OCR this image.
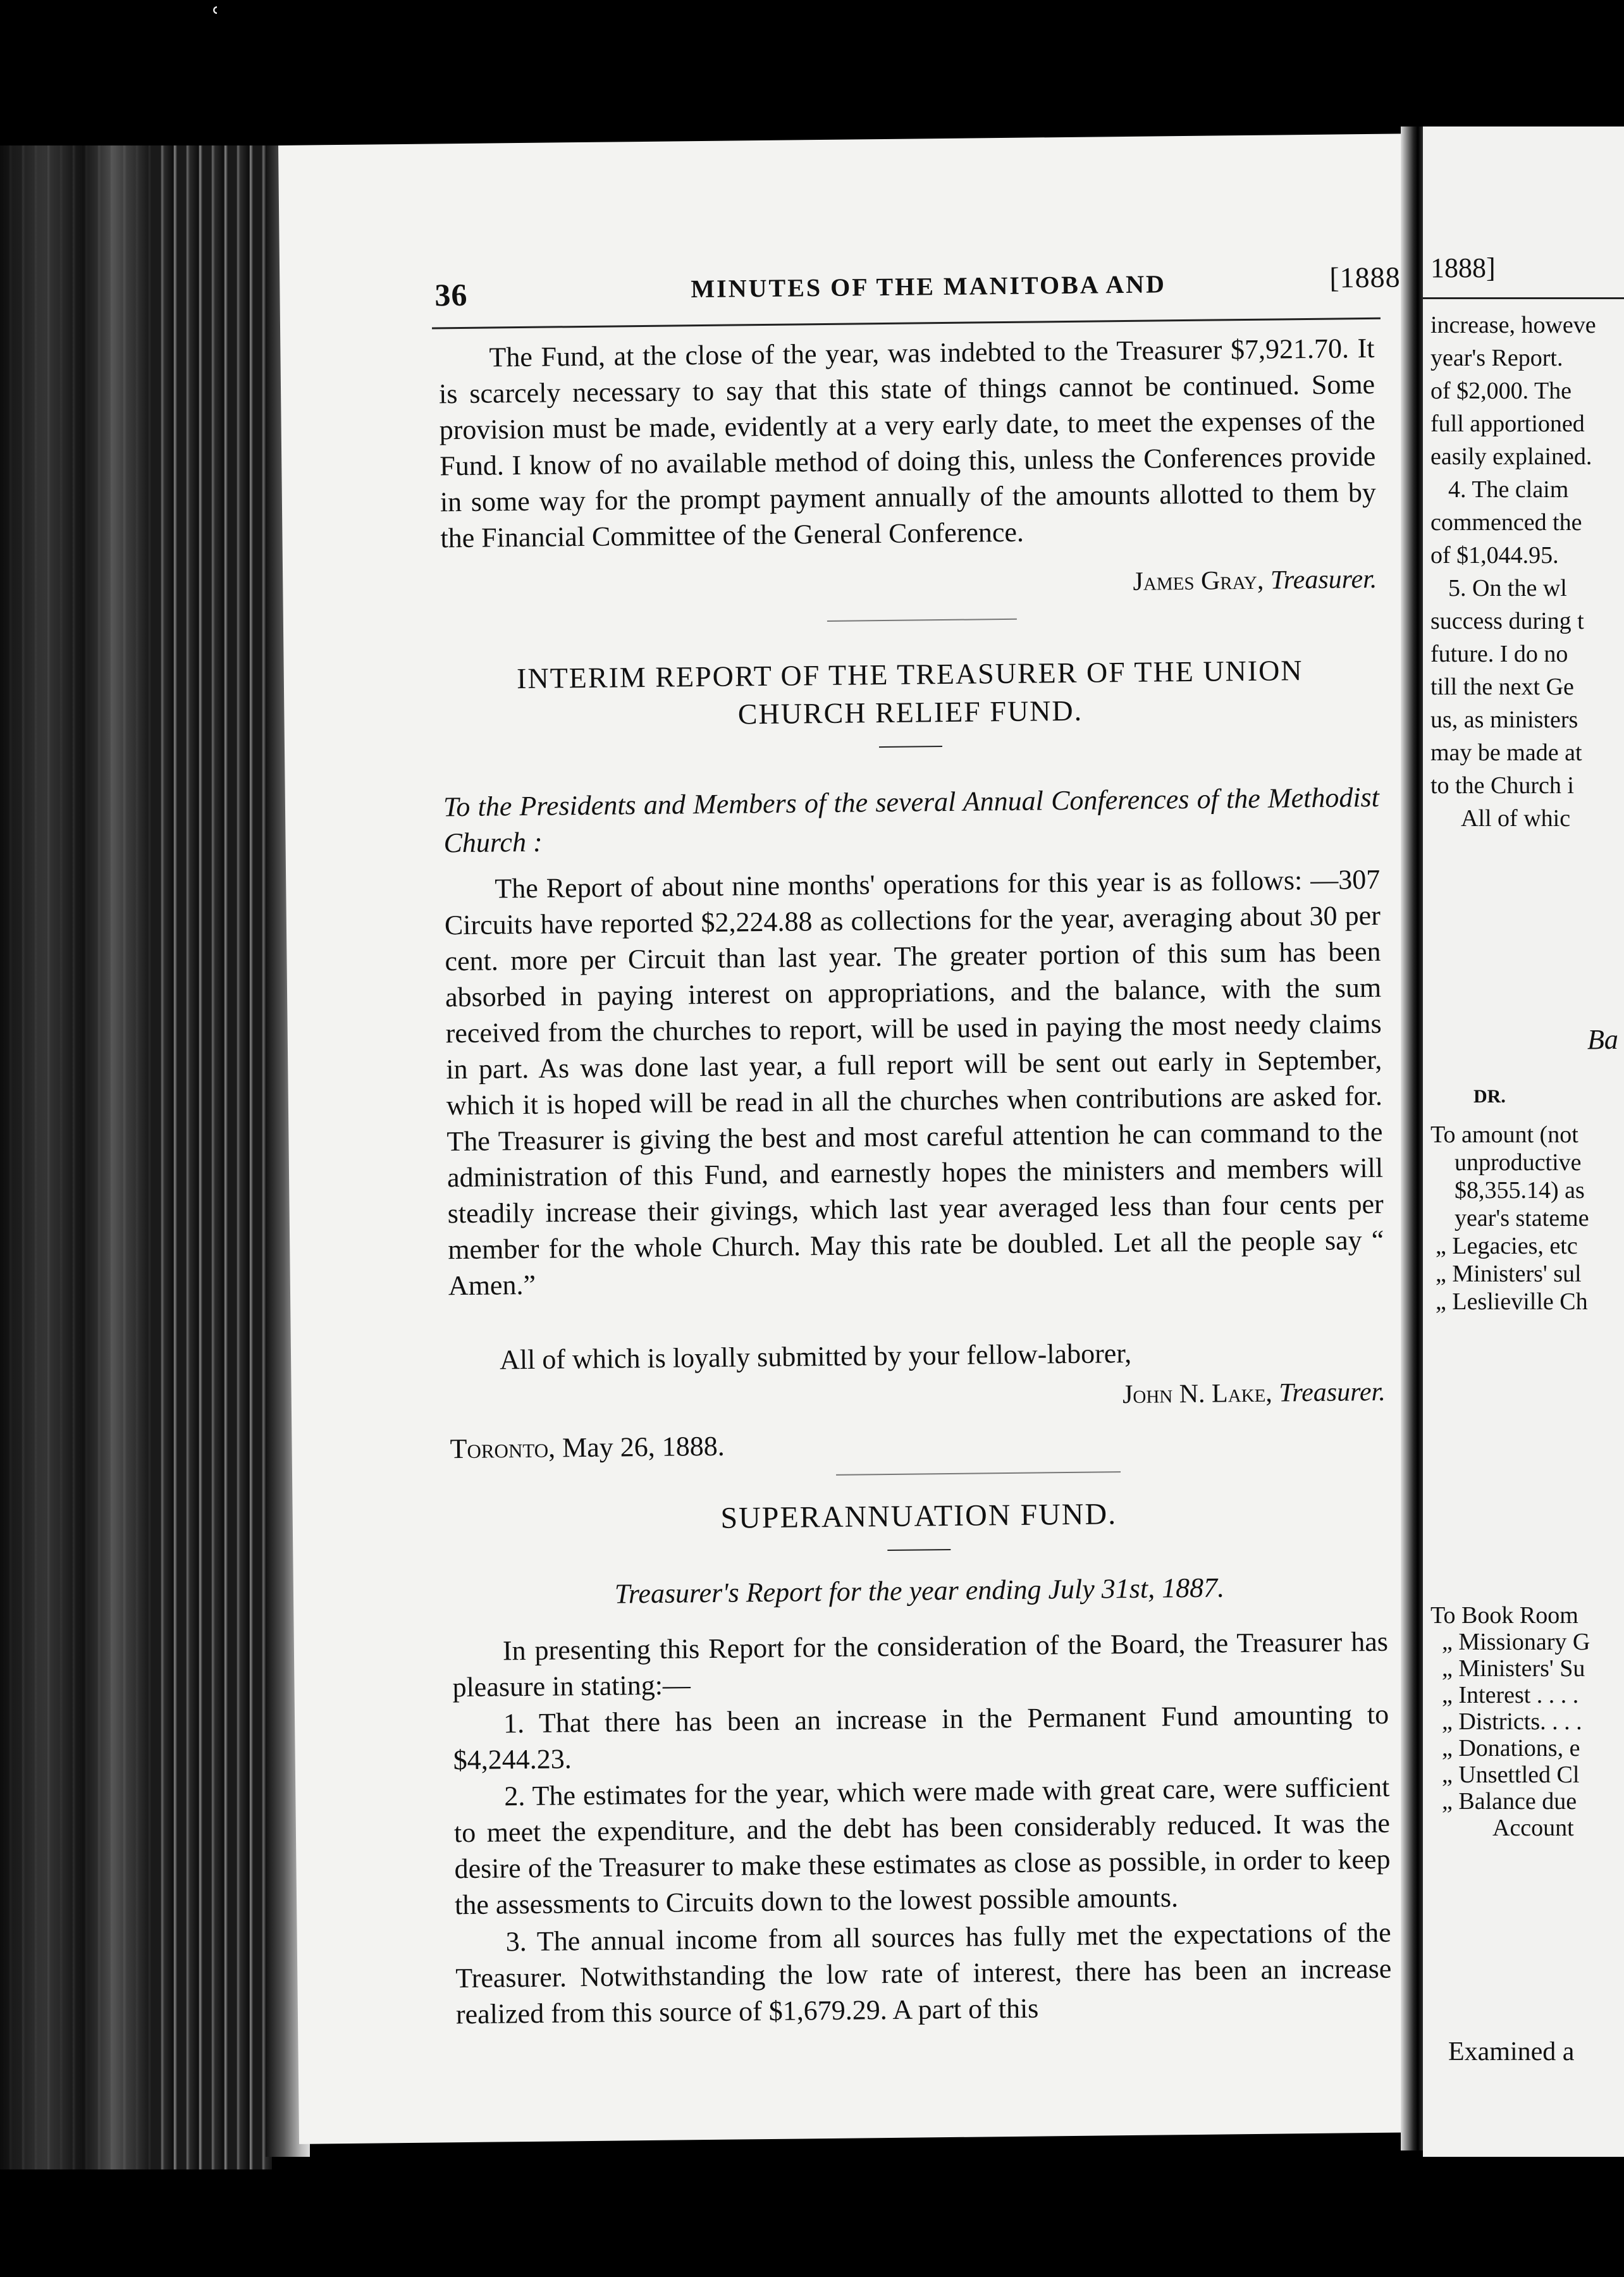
ʿ
36	MINUTES OF THE MANITOBA AND	[1888
The Fund, at the close of the year, was indebted to the Treasurer $7,921.70. It is scarcely necessary to say that this state of things cannot be continued. Some provision must be made, evidently at a very early date, to meet the expenses of the Fund. I know of no available method of doing this, unless the Conferences provide in some way for the prompt payment annually of the amounts allotted to them by the Financial Committee of the General Conference.
James Gray, Treasurer.
INTERIM REPORT OF THE TREASURER OF THE UNION
CHURCH RELIEF FUND.
To the Presidents and Members of the several Annual Conferences of the Methodist Church :
The Report of about nine months' operations for this year is as follows: —307 Circuits have reported $2,224.88 as collections for the year, averaging about 30 per cent. more per Circuit than last year. The greater portion of this sum has been absorbed in paying interest on appropriations, and the balance, with the sum received from the churches to report, will be used in paying the most needy claims in part. As was done last year, a full report will be sent out early in September, which it is hoped will be read in all the churches when contributions are asked for. The Treasurer is giving the best and most careful attention he can command to the administration of this Fund, and earnestly hopes the ministers and members will steadily increase their givings, which last year averaged less than four cents per member for the whole Church. May this rate be doubled. Let all the people say “ Amen.”
All of which is loyally submitted by your fellow-laborer,
John N. Lake, Treasurer.
Toronto, May 26, 1888.
SUPERANNUATION FUND.
Treasurer's Report for the year ending July 31st, 1887.
In presenting this Report for the consideration of the Board, the Treasurer has pleasure in stating:—
1. That there has been an increase in the Permanent Fund amounting to $4,244.23.
2. The estimates for the year, which were made with great care, were sufficient to meet the expenditure, and the debt has been considerably reduced. It was the desire of the Treasurer to make these estimates as close as possible, in order to keep the assessments to Circuits down to the lowest possible amounts.
3. The annual income from all sources has fully met the expectations of the Treasurer. Notwithstanding the low rate of interest, there has been an increase realized from this source of $1,679.29. A part of this
1888]
increase, howeve
year's Report.
of $2,000. The
full apportioned
easily explained.
4. The claim
commenced the
of $1,044.95.
5. On the wl
success during t
future. I do no
till the next Ge
us, as ministers
may be made at
to the Church i
All of whic
Ba
DR.
To amount (not
unproductive
$8,355.14) as
year's stateme
„ Legacies, etc
„ Ministers' sul
„ Leslieville Ch
To Book Room
„ Missionary G
„ Ministers' Su
„ Interest . . . .
„ Districts. . . .
„ Donations, e
„ Unsettled Cl
„ Balance due
Account
Examined a
